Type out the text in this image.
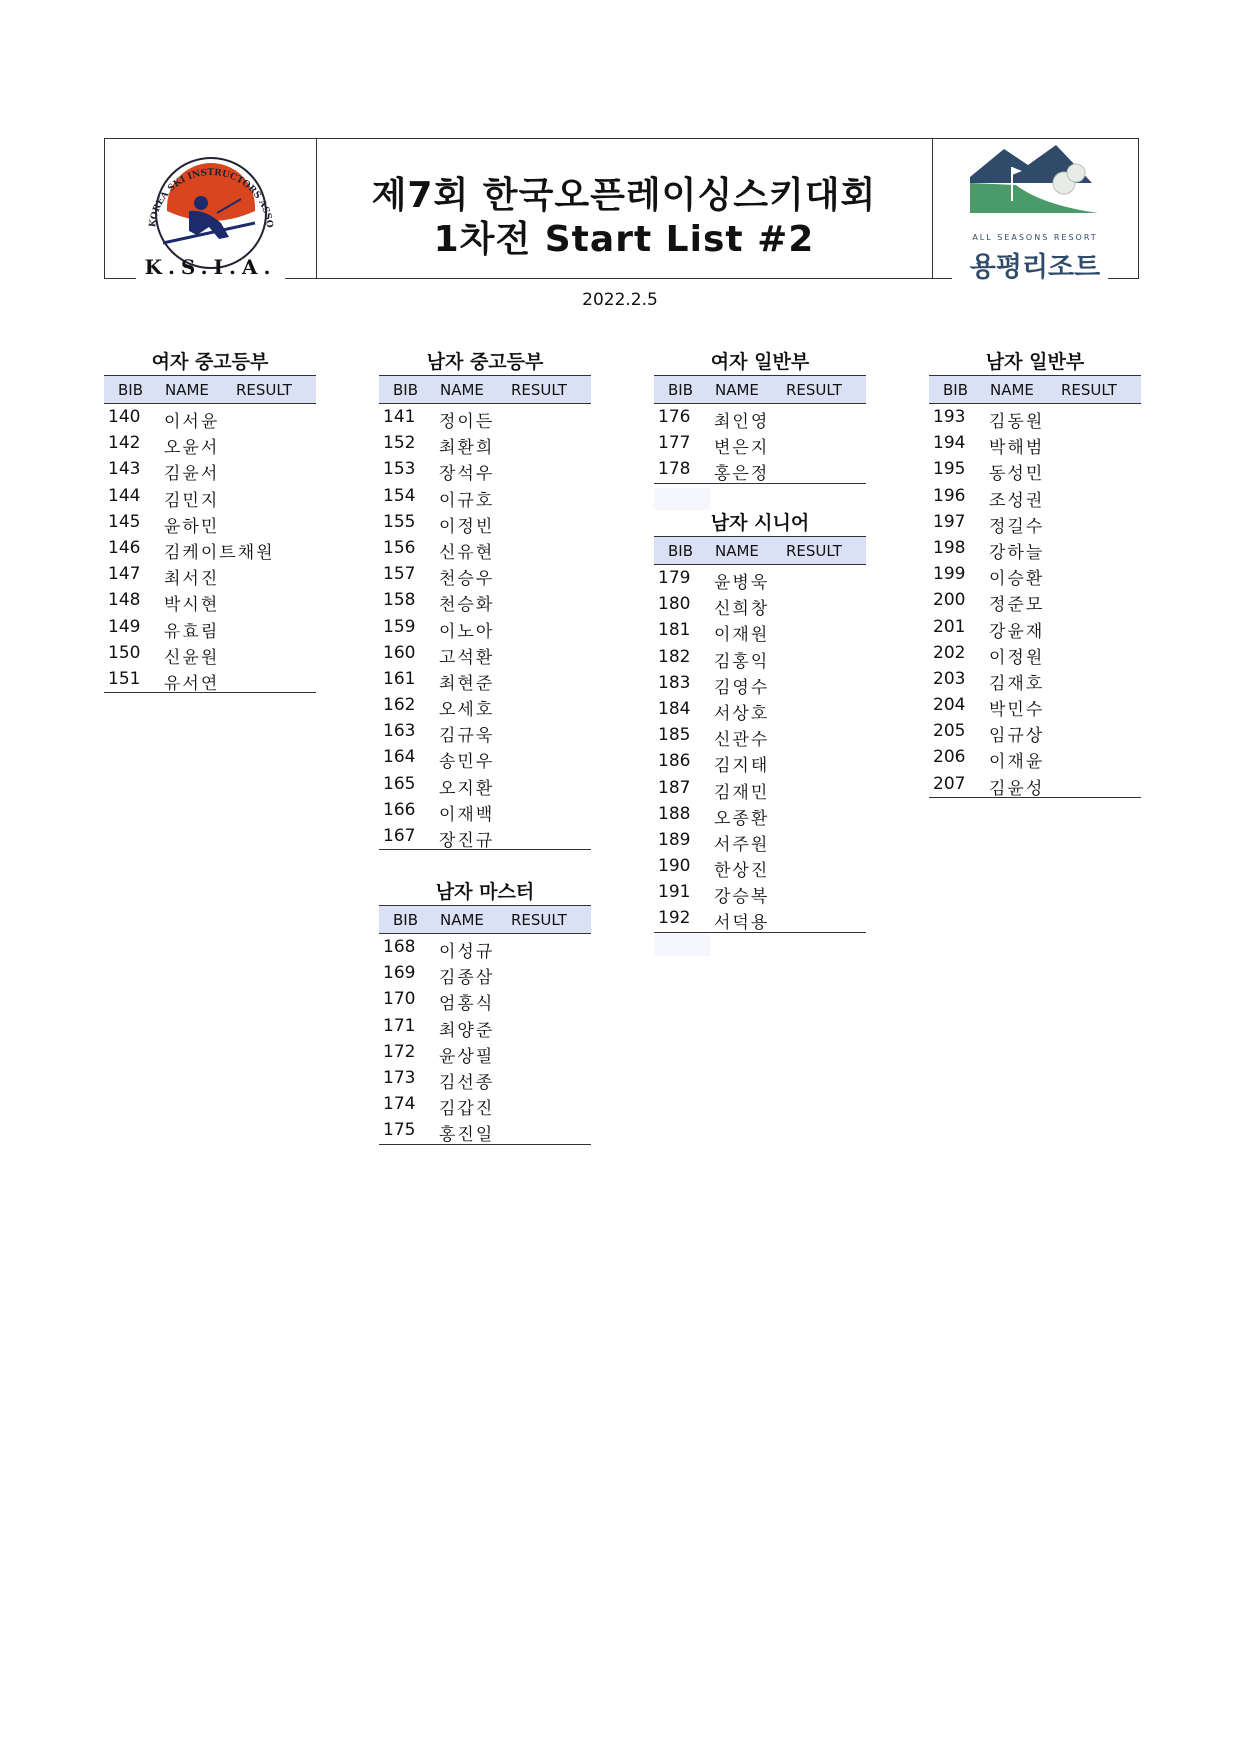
KOREA SKI INSTRUCTORS ASSO
K.S.I.A.
제7회 한국오픈레이싱스키대회
1차전 Start List #2	ALL SEASONS RESORT
용평리조트
2022.2.5
여자 중고등부
BIB NAME RESULT
140 이서윤
142 오윤서
143 김윤서
144 김민지
145 윤하민
146 김케이트채원
147 최서진
148 박시현
149 유효림
150 신윤원
151 유서연
남자 중고등부
BIB NAME RESULT
141 정이든
152 최환희
153 장석우
154 이규호
155 이정빈
156 신유현
157 천승우
158 천승화
159 이노아
160 고석환
161 최현준
162 오세호
163 김규욱
164 송민우
165 오지환
166 이재백
167 장진규
남자 마스터
BIB NAME RESULT
168 이성규
169 김종삼
170 엄홍식
171 최양준
172 윤상필
173 김선종
174 김갑진
175 홍진일
여자 일반부
BIB NAME RESULT
176 최인영
177 변은지
178 홍은정
남자 시니어
BIB NAME RESULT
179 윤병욱
180 신희창
181 이재원
182 김홍익
183 김영수
184 서상호
185 신관수
186 김지태
187 김재민
188 오종환
189 서주원
190 한상진
191 강승복
192 서덕용
남자 일반부
BIB NAME RESULT
193 김동원
194 박해범
195 동성민
196 조성권
197 정길수
198 강하늘
199 이승환
200 정준모
201 강윤재
202 이정원
203 김재호
204 박민수
205 임규상
206 이재윤
207 김윤성
